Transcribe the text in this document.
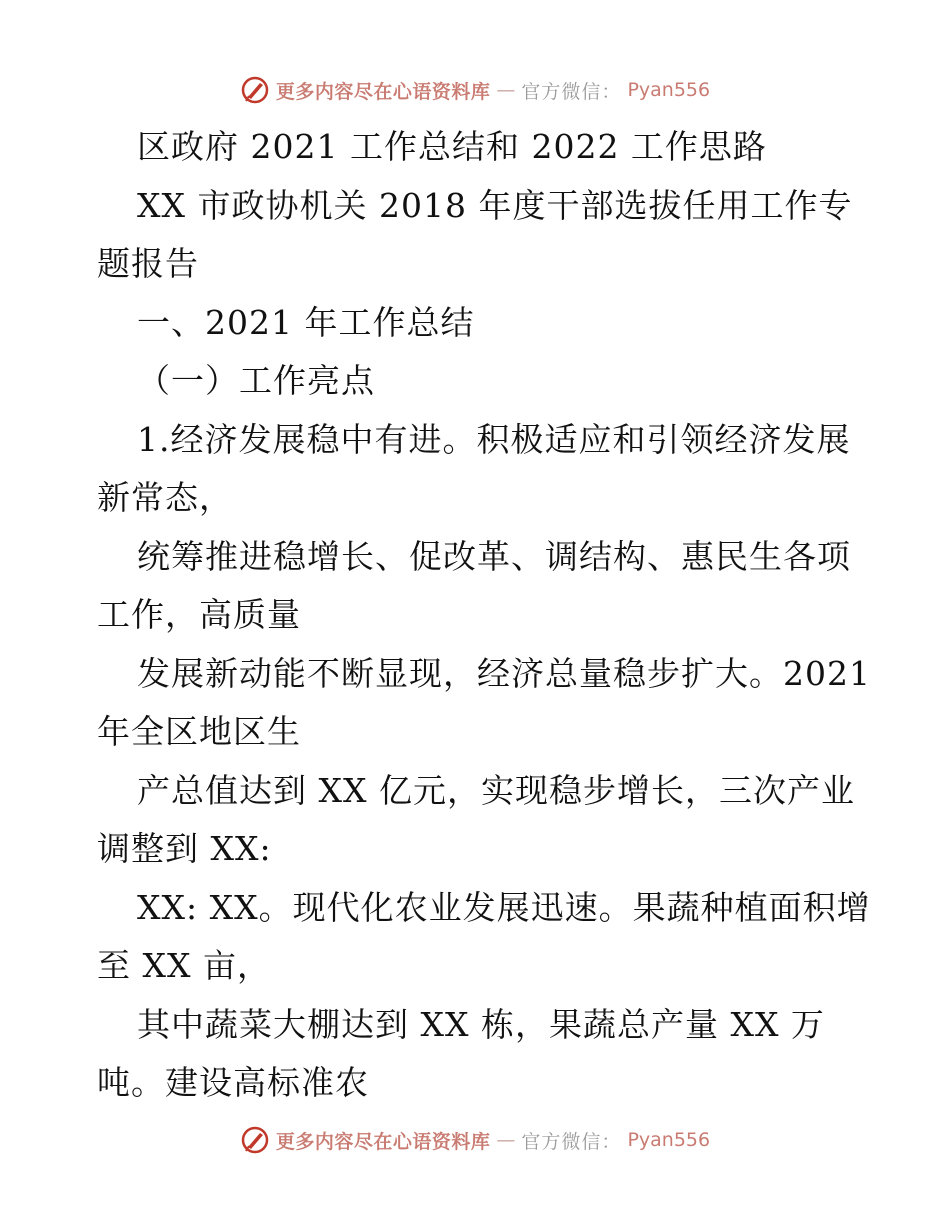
更多内容尽在心语资料库 — 官方微信： Pyan556
区政府 2021 工作总结和 2022 工作思路
XX 市政协机关 2018 年度干部选拔任用工作专
题报告
一、2021 年工作总结
（一）工作亮点
1.经济发展稳中有进。积极适应和引领经济发展
新常态，
统筹推进稳增长、促改革、调结构、惠民生各项
工作，高质量
发展新动能不断显现，经济总量稳步扩大。2021
年全区地区生
产总值达到 XX 亿元，实现稳步增长，三次产业
调整到 XX:
XX: XX。现代化农业发展迅速。果蔬种植面积增
至 XX 亩，
其中蔬菜大棚达到 XX 栋，果蔬总产量 XX 万
吨。建设高标准农
更多内容尽在心语资料库 — 官方微信： Pyan556
